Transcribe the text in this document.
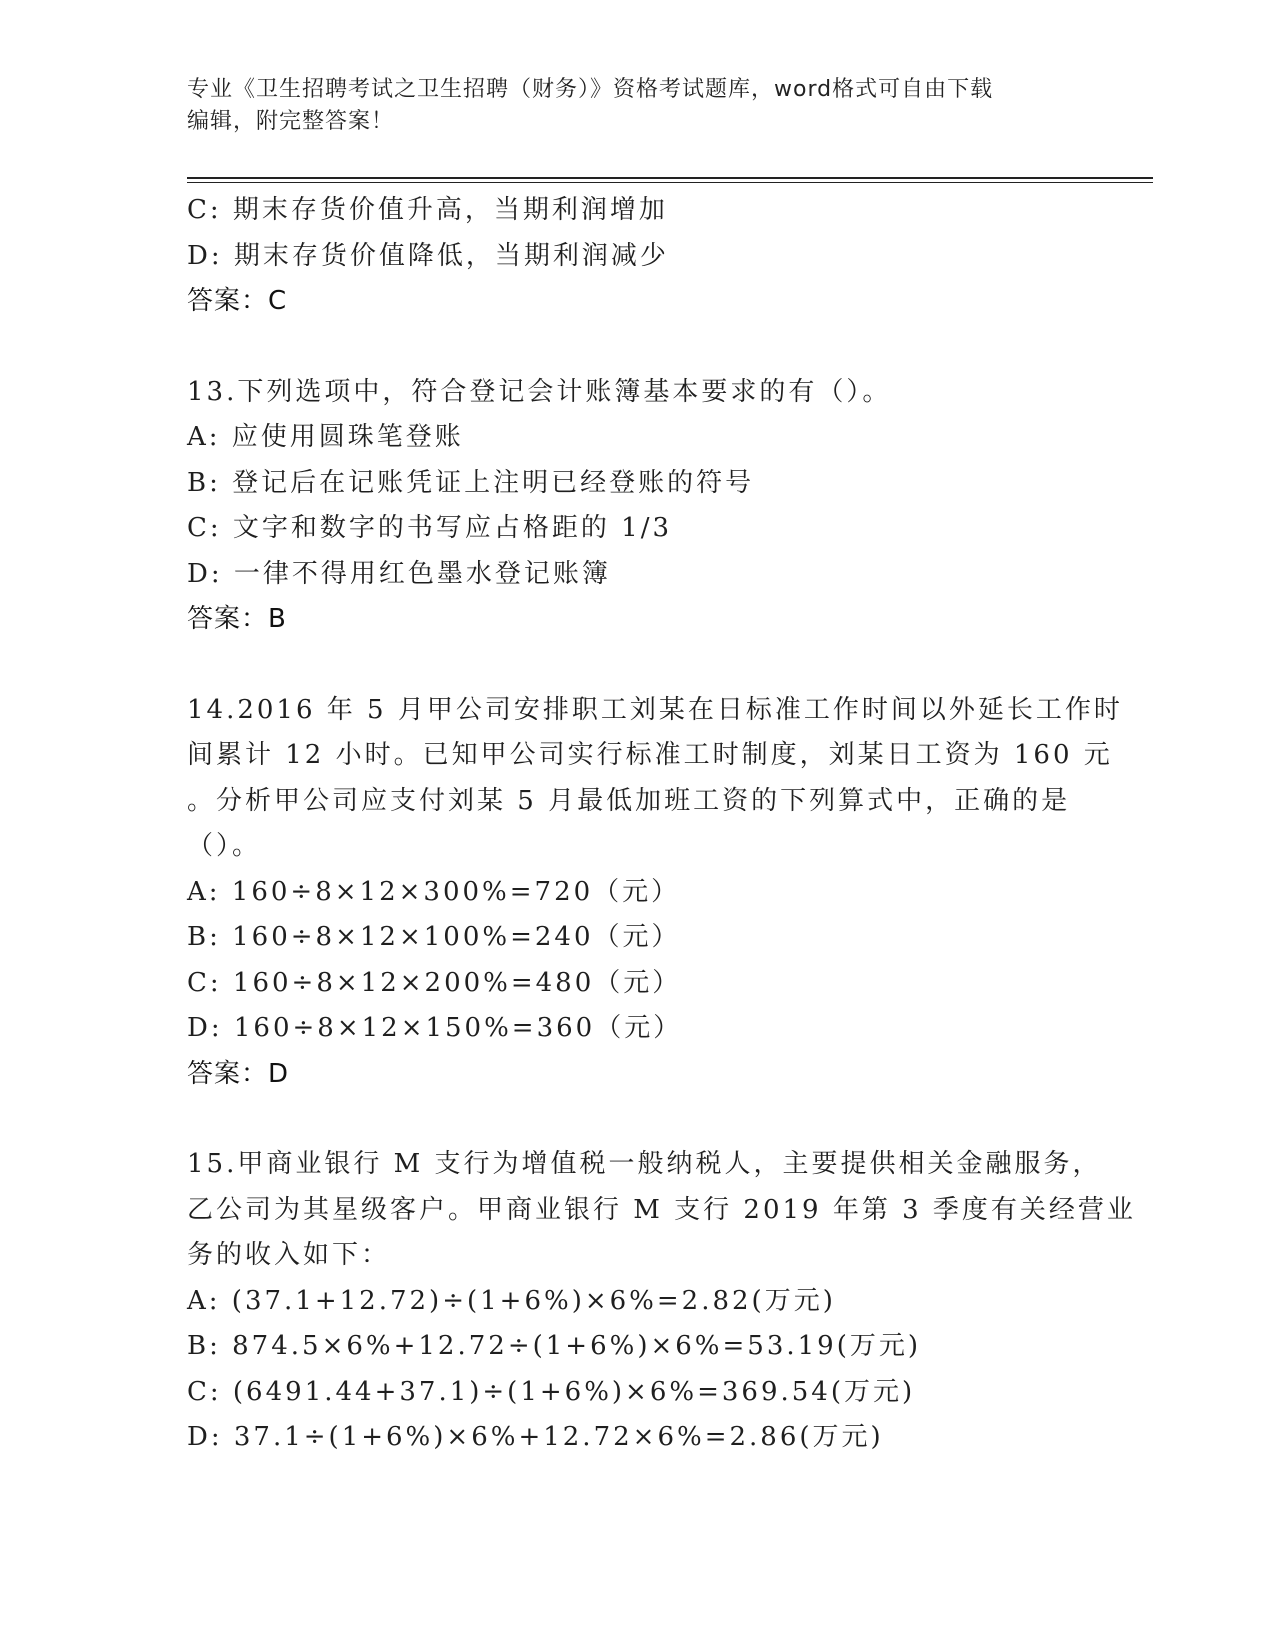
专业《卫生招聘考试之卫生招聘（财务）》资格考试题库，word格式可自由下载
编辑，附完整答案！
C: 期末存货价值升高，当期利润增加
D: 期末存货价值降低，当期利润减少
答案：C
13.下列选项中，符合登记会计账簿基本要求的有（）。
A: 应使用圆珠笔登账
B: 登记后在记账凭证上注明已经登账的符号
C: 文字和数字的书写应占格距的 1/3
D: 一律不得用红色墨水登记账簿
答案：B
14.2016 年 5 月甲公司安排职工刘某在日标准工作时间以外延长工作时
间累计 12 小时。已知甲公司实行标准工时制度，刘某日工资为 160 元
。分析甲公司应支付刘某 5 月最低加班工资的下列算式中，正确的是
（）。
A: 160÷8×12×300%=720（元）
B: 160÷8×12×100%=240（元）
C: 160÷8×12×200%=480（元）
D: 160÷8×12×150%=360（元）
答案：D
15.甲商业银行 M 支行为增值税一般纳税人，主要提供相关金融服务，
乙公司为其星级客户。甲商业银行 M 支行 2019 年第 3 季度有关经营业
务的收入如下：
A: (37.1+12.72)÷(1+6%)×6%=2.82(万元)
B: 874.5×6%+12.72÷(1+6%)×6%=53.19(万元)
C: (6491.44+37.1)÷(1+6%)×6%=369.54(万元)
D: 37.1÷(1+6%)×6%+12.72×6%=2.86(万元)
